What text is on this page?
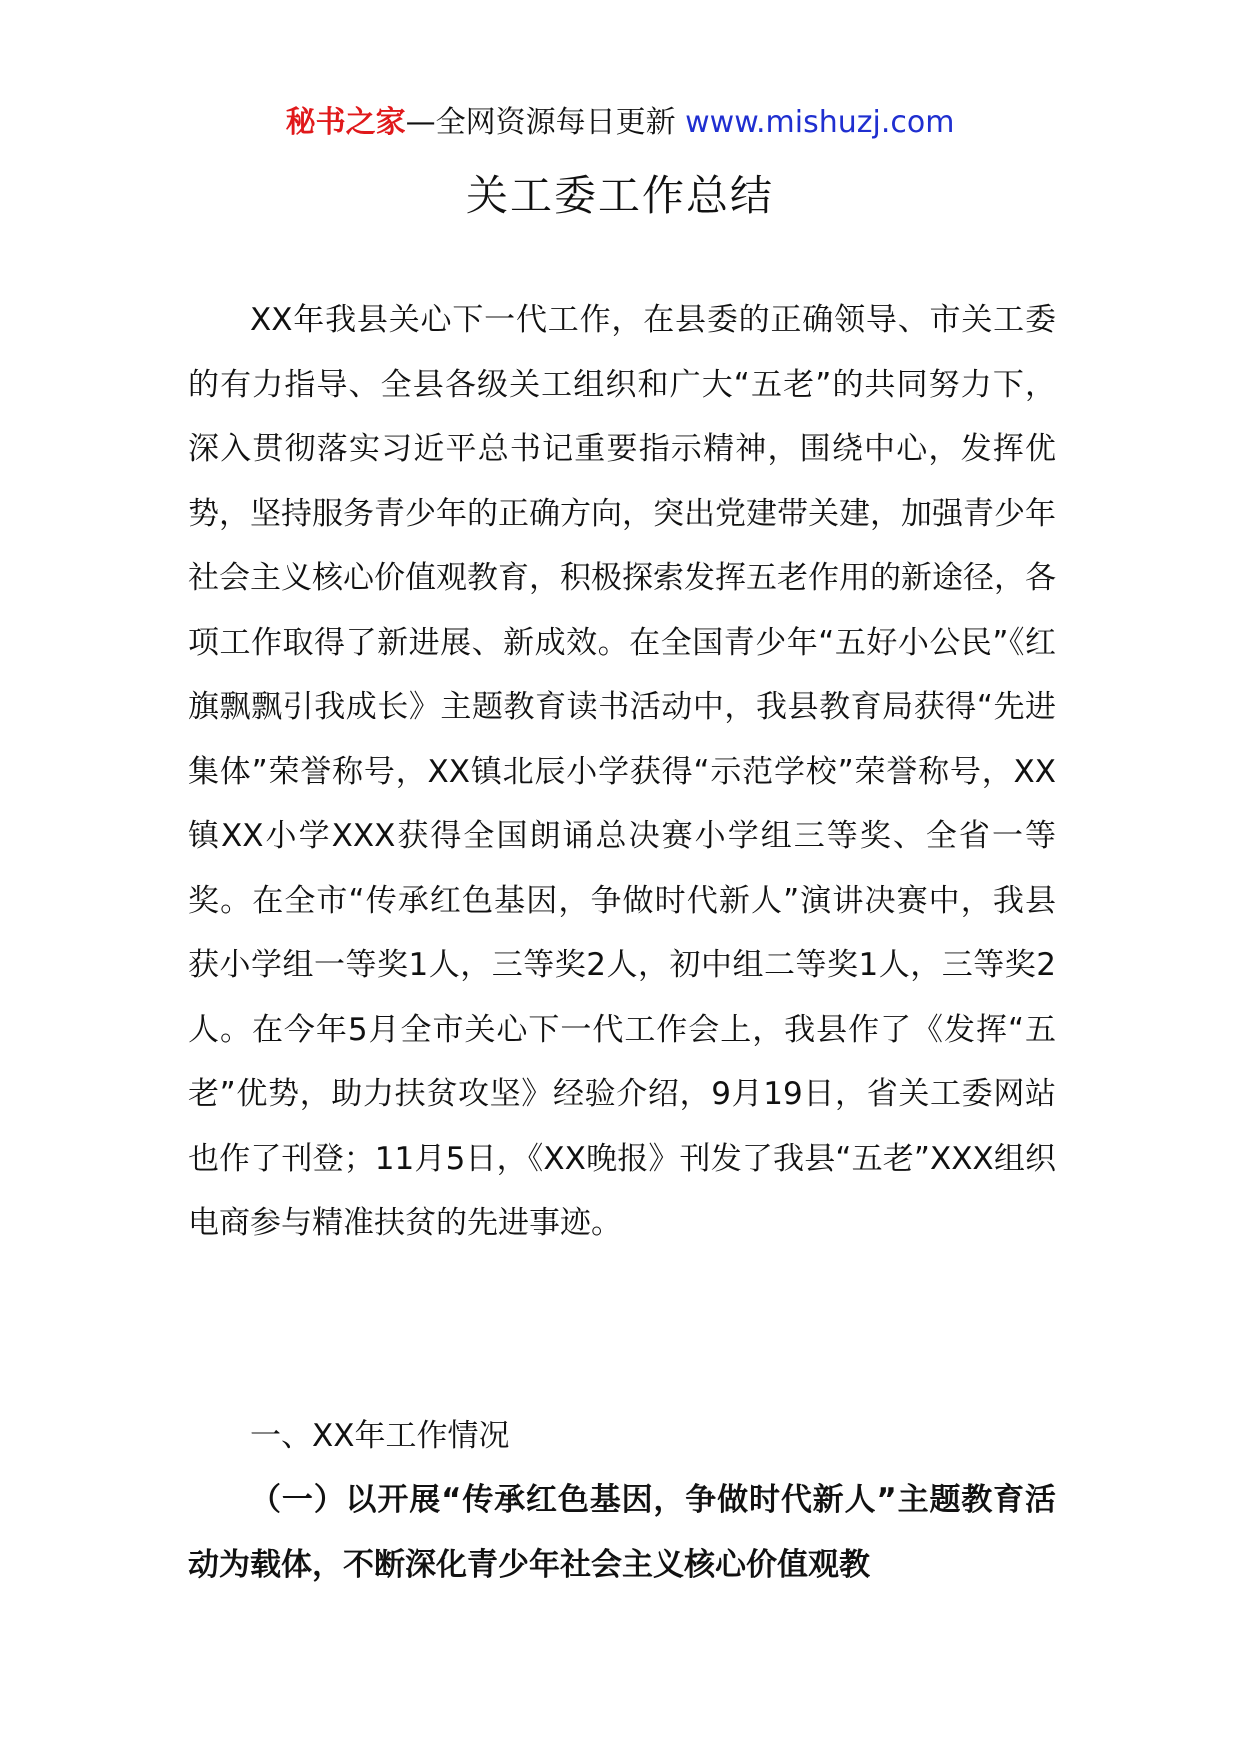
秘书之家—全网资源每日更新 www.mishuzj.com
关工委工作总结

XX年我县关心下一代工作，在县委的正确领导、市关工委的有力指导、全县各级关工组织和广大“五老”的共同努力下，深入贯彻落实习近平总书记重要指示精神，围绕中心，发挥优势，坚持服务青少年的正确方向，突出党建带关建，加强青少年社会主义核心价值观教育，积极探索发挥五老作用的新途径，各项工作取得了新进展、新成效。在全国青少年“五好小公民”《红旗飘飘引我成长》主题教育读书活动中，我县教育局获得“先进集体”荣誉称号，XX镇北辰小学获得“示范学校”荣誉称号，XX镇XX小学XXX获得全国朗诵总决赛小学组三等奖、全省一等奖。在全市“传承红色基因，争做时代新人”演讲决赛中，我县获小学组一等奖1人，三等奖2人，初中组二等奖1人，三等奖2人。在今年5月全市关心下一代工作会上，我县作了《发挥“五老”优势，助力扶贫攻坚》经验介绍，9月19日，省关工委网站也作了刊登；11月5日，《XX晚报》刊发了我县“五老”XXX组织电商参与精准扶贫的先进事迹。

一、XX年工作情况

（一）以开展“传承红色基因，争做时代新人”主题教育活动为载体，不断深化青少年社会主义核心价值观教
